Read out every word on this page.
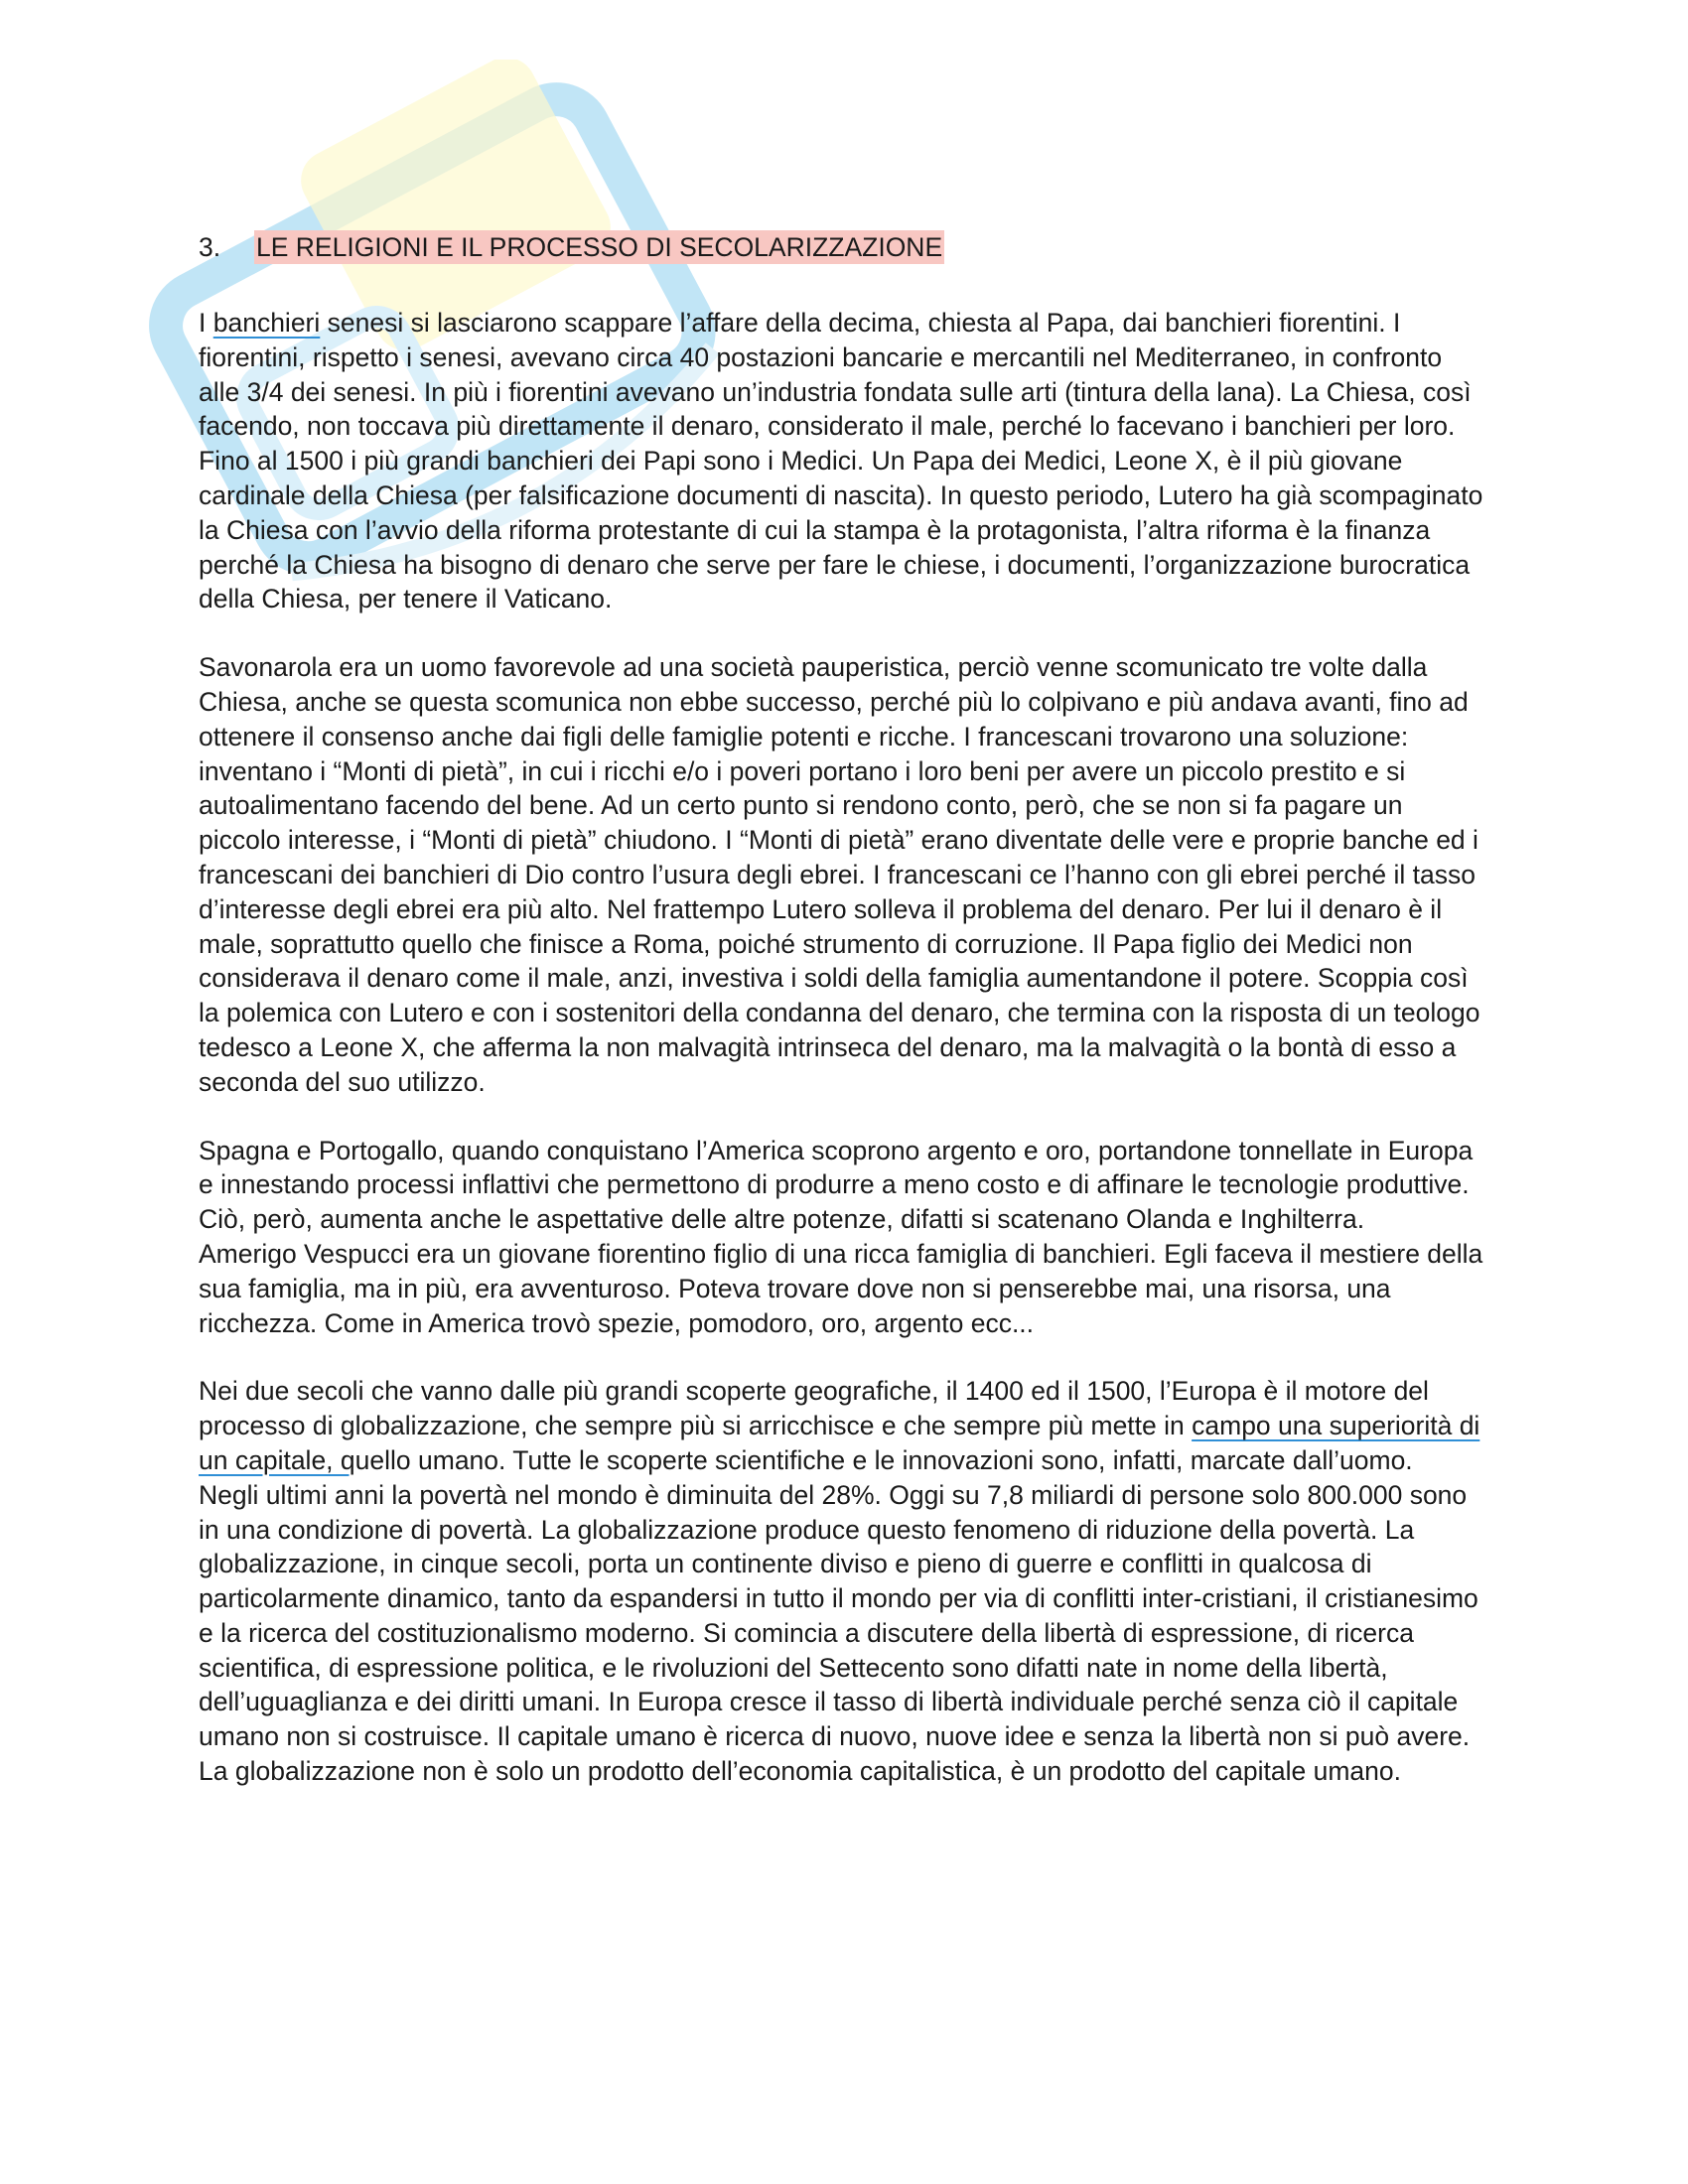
3.	LE RELIGIONI E IL PROCESSO DI SECOLARIZZAZIONE

I banchieri senesi si lasciarono scappare l’affare della decima, chiesta al Papa, dai banchieri fiorentini. I fiorentini, rispetto i senesi, avevano circa 40 postazioni bancarie e mercantili nel Mediterraneo, in confronto alle 3/4 dei senesi. In più i fiorentini avevano un’industria fondata sulle arti (tintura della lana). La Chiesa, così facendo, non toccava più direttamente il denaro, considerato il male, perché lo facevano i banchieri per loro. Fino al 1500 i più grandi banchieri dei Papi sono i Medici. Un Papa dei Medici, Leone X, è il più giovane cardinale della Chiesa (per falsificazione documenti di nascita). In questo periodo, Lutero ha già scompaginato la Chiesa con l’avvio della riforma protestante di cui la stampa è la protagonista, l’altra riforma è la finanza perché la Chiesa ha bisogno di denaro che serve per fare le chiese, i documenti, l’organizzazione burocratica della Chiesa, per tenere il Vaticano.

Savonarola era un uomo favorevole ad una società pauperistica, perciò venne scomunicato tre volte dalla Chiesa, anche se questa scomunica non ebbe successo, perché più lo colpivano e più andava avanti, fino ad ottenere il consenso anche dai figli delle famiglie potenti e ricche. I francescani trovarono una soluzione: inventano i “Monti di pietà”, in cui i ricchi e/o i poveri portano i loro beni per avere un piccolo prestito e si autoalimentano facendo del bene. Ad un certo punto si rendono conto, però, che se non si fa pagare un piccolo interesse, i “Monti di pietà” chiudono. I “Monti di pietà” erano diventate delle vere e proprie banche ed i francescani dei banchieri di Dio contro l’usura degli ebrei. I francescani ce l’hanno con gli ebrei perché il tasso d’interesse degli ebrei era più alto. Nel frattempo Lutero solleva il problema del denaro. Per lui il denaro è il male, soprattutto quello che finisce a Roma, poiché strumento di corruzione. Il Papa figlio dei Medici non considerava il denaro come il male, anzi, investiva i soldi della famiglia aumentandone il potere. Scoppia così la polemica con Lutero e con i sostenitori della condanna del denaro, che termina con la risposta di un teologo tedesco a Leone X, che afferma la non malvagità intrinseca del denaro, ma la malvagità o la bontà di esso a seconda del suo utilizzo.

Spagna e Portogallo, quando conquistano l’America scoprono argento e oro, portandone tonnellate in Europa e innestando processi inflattivi che permettono di produrre a meno costo e di affinare le tecnologie produttive. Ciò, però, aumenta anche le aspettative delle altre potenze, difatti si scatenano Olanda e Inghilterra.

Amerigo Vespucci era un giovane fiorentino figlio di una ricca famiglia di banchieri. Egli faceva il mestiere della sua famiglia, ma in più, era avventuroso. Poteva trovare dove non si penserebbe mai, una risorsa, una ricchezza. Come in America trovò spezie, pomodoro, oro, argento ecc...

Nei due secoli che vanno dalle più grandi scoperte geografiche, il 1400 ed il 1500, l’Europa è il motore del processo di globalizzazione, che sempre più si arricchisce e che sempre più mette in campo una superiorità di un capitale, quello umano. Tutte le scoperte scientifiche e le innovazioni sono, infatti, marcate dall’uomo.

Negli ultimi anni la povertà nel mondo è diminuita del 28%. Oggi su 7,8 miliardi di persone solo 800.000 sono in una condizione di povertà. La globalizzazione produce questo fenomeno di riduzione della povertà. La globalizzazione, in cinque secoli, porta un continente diviso e pieno di guerre e conflitti in qualcosa di particolarmente dinamico, tanto da espandersi in tutto il mondo per via di conflitti inter-cristiani, il cristianesimo e la ricerca del costituzionalismo moderno. Si comincia a discutere della libertà di espressione, di ricerca scientifica, di espressione politica, e le rivoluzioni del Settecento sono difatti nate in nome della libertà, dell’uguaglianza e dei diritti umani. In Europa cresce il tasso di libertà individuale perché senza ciò il capitale umano non si costruisce. Il capitale umano è ricerca di nuovo, nuove idee e senza la libertà non si può avere. La globalizzazione non è solo un prodotto dell’economia capitalistica, è un prodotto del capitale umano.
